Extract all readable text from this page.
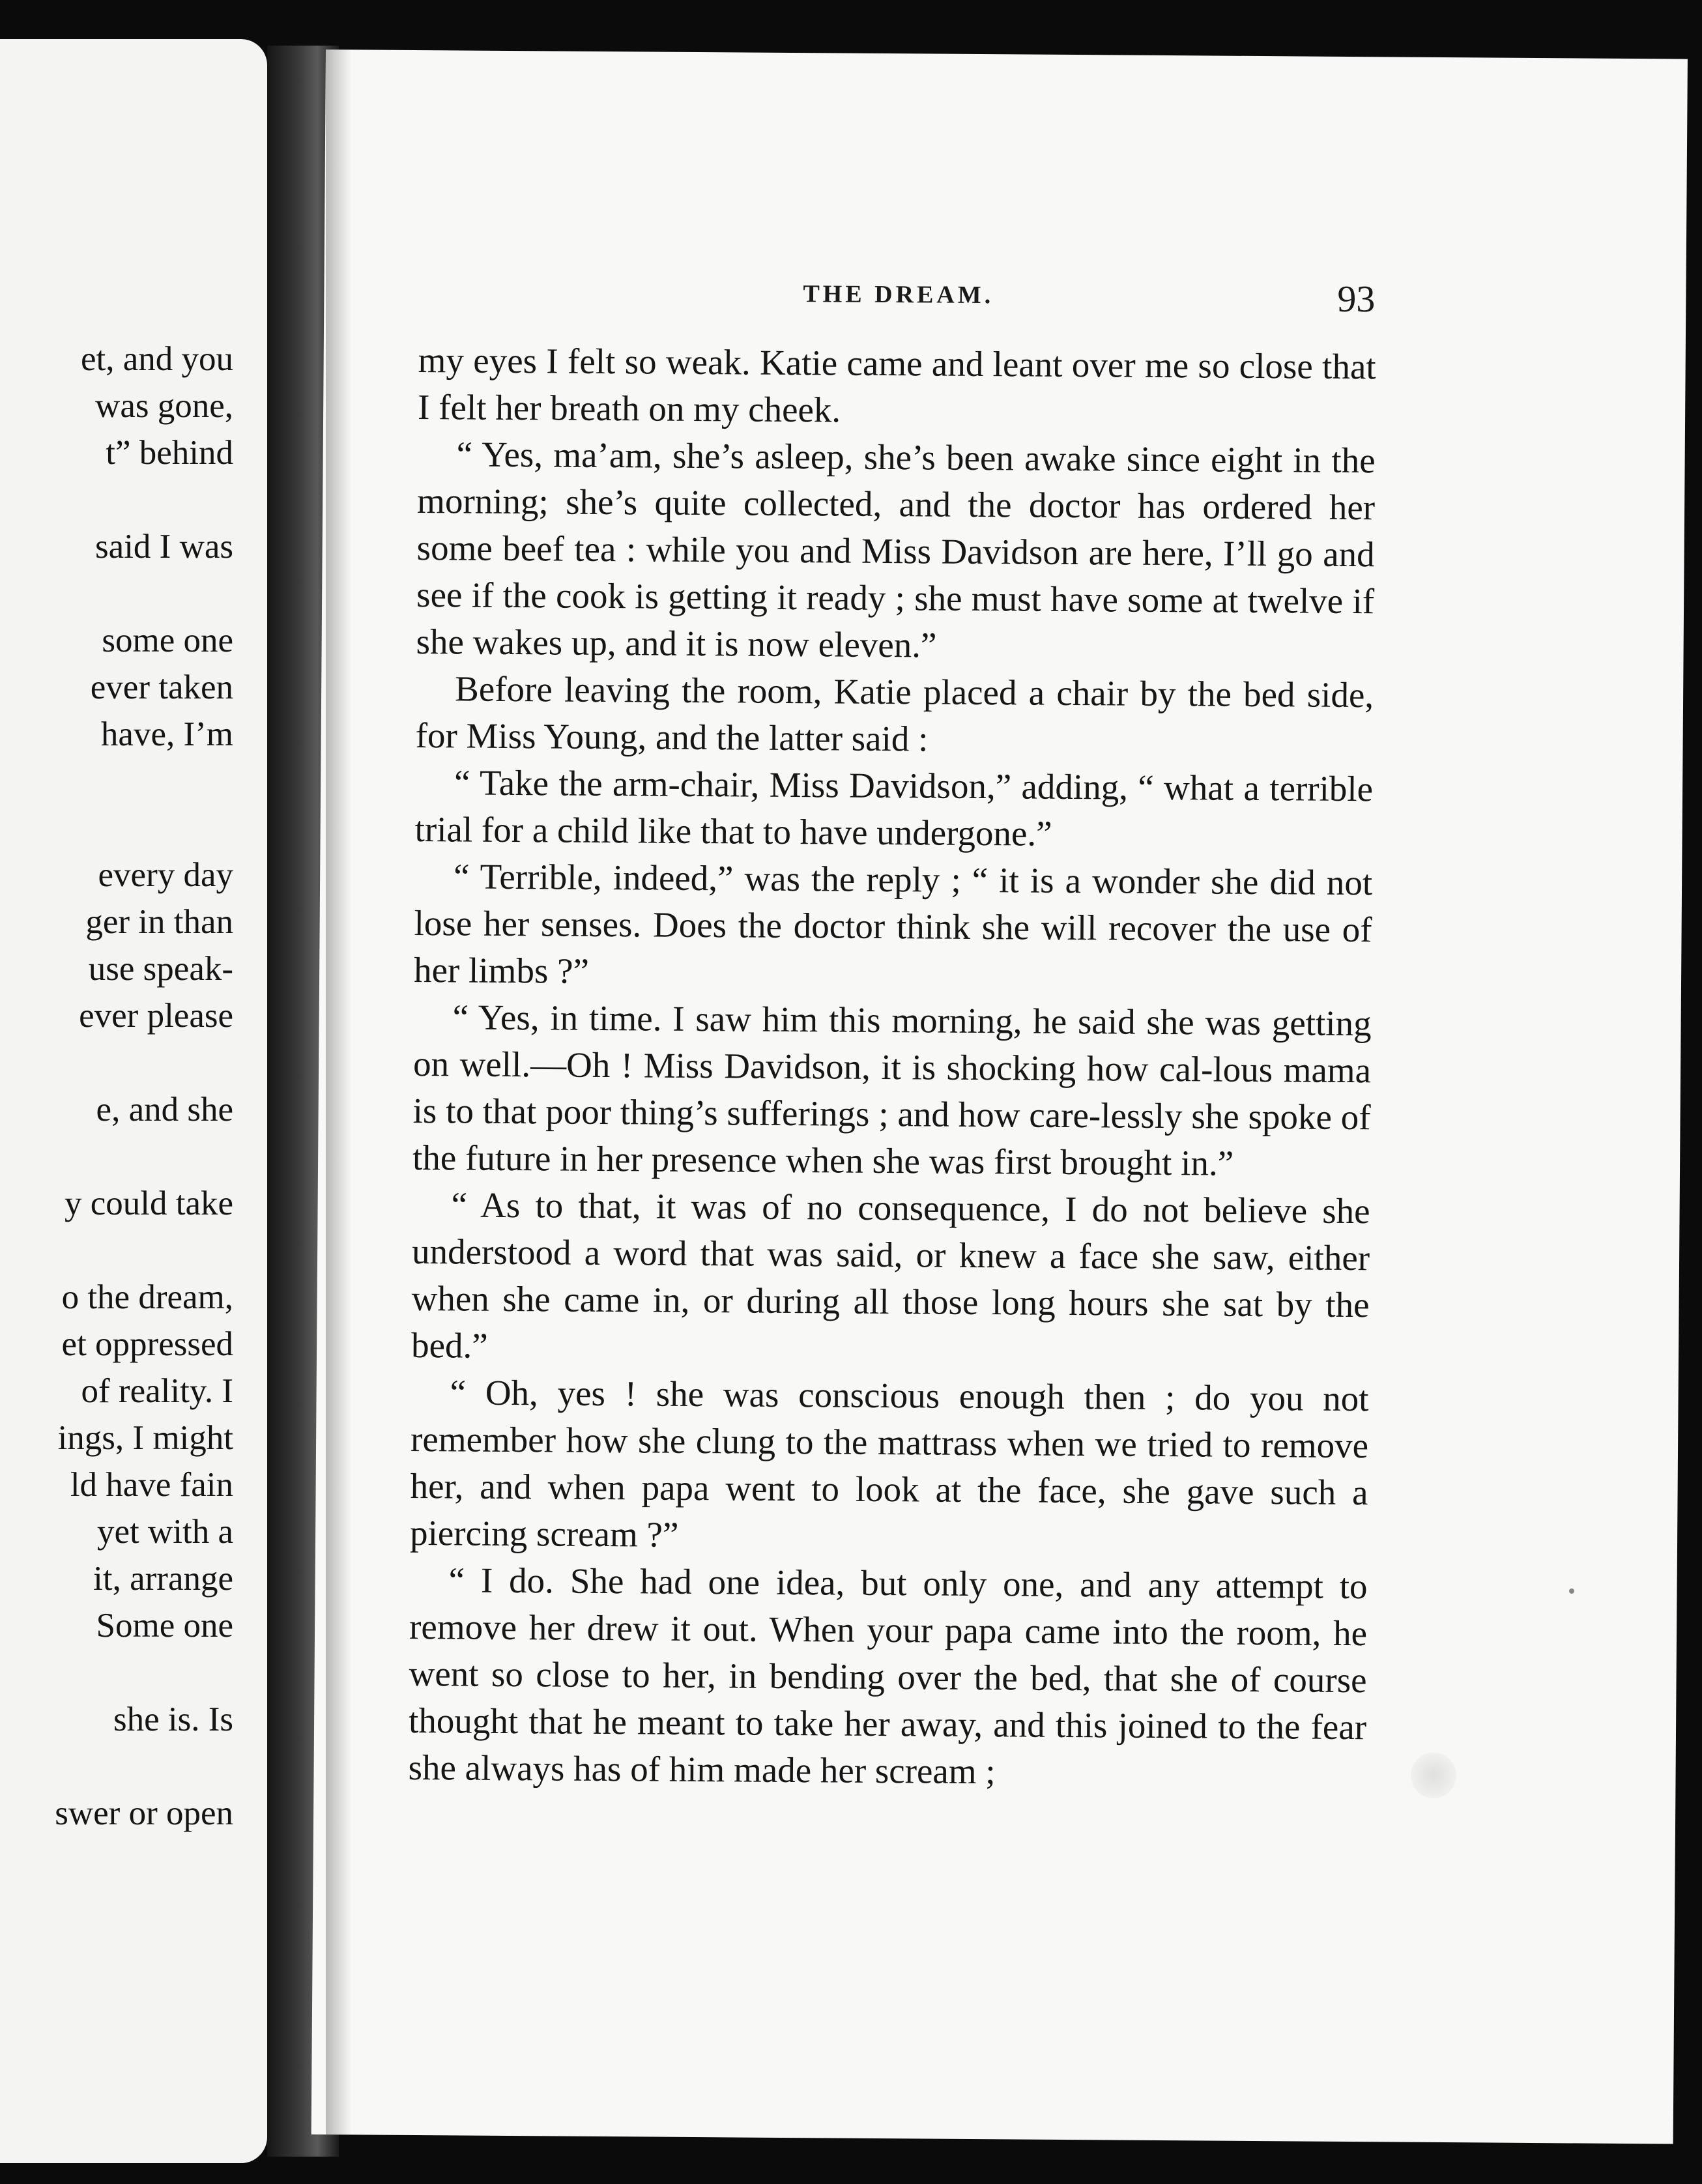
et, and you
was gone,
t” behind
said I was
some one
ever taken
have, I’m
every day
ger in than
use speak-
ever please
e, and she
y could take
o the dream,
et oppressed
of reality. I
ings, I might
ld have fain
yet with a
it, arrange
Some one
she is. Is
swer or open
THE DREAM.	93

my eyes I felt so weak. Katie came and leant over me so close that I felt her breath on my cheek.

“ Yes, ma’am, she’s asleep, she’s been awake since eight in the morning; she’s quite collected, and the doctor has ordered her some beef tea : while you and Miss Davidson are here, I’ll go and see if the cook is getting it ready ; she must have some at twelve if she wakes up, and it is now eleven.”

Before leaving the room, Katie placed a chair by the bed side, for Miss Young, and the latter said :

“ Take the arm-chair, Miss Davidson,” adding, “ what a terrible trial for a child like that to have undergone.”

“ Terrible, indeed,” was the reply ; “ it is a wonder she did not lose her senses. Does the doctor think she will recover the use of her limbs ?”

“ Yes, in time. I saw him this morning, he said she was getting on well.—Oh ! Miss Davidson, it is shocking how cal-lous mama is to that poor thing’s sufferings ; and how care-lessly she spoke of the future in her presence when she was first brought in.”

“ As to that, it was of no consequence, I do not believe she understood a word that was said, or knew a face she saw, either when she came in, or during all those long hours she sat by the bed.”

“ Oh, yes ! she was conscious enough then ; do you not remember how she clung to the mattrass when we tried to remove her, and when papa went to look at the face, she gave such a piercing scream ?”

“ I do. She had one idea, but only one, and any attempt to remove her drew it out. When your papa came into the room, he went so close to her, in bending over the bed, that she of course thought that he meant to take her away, and this joined to the fear she always has of him made her scream ;
